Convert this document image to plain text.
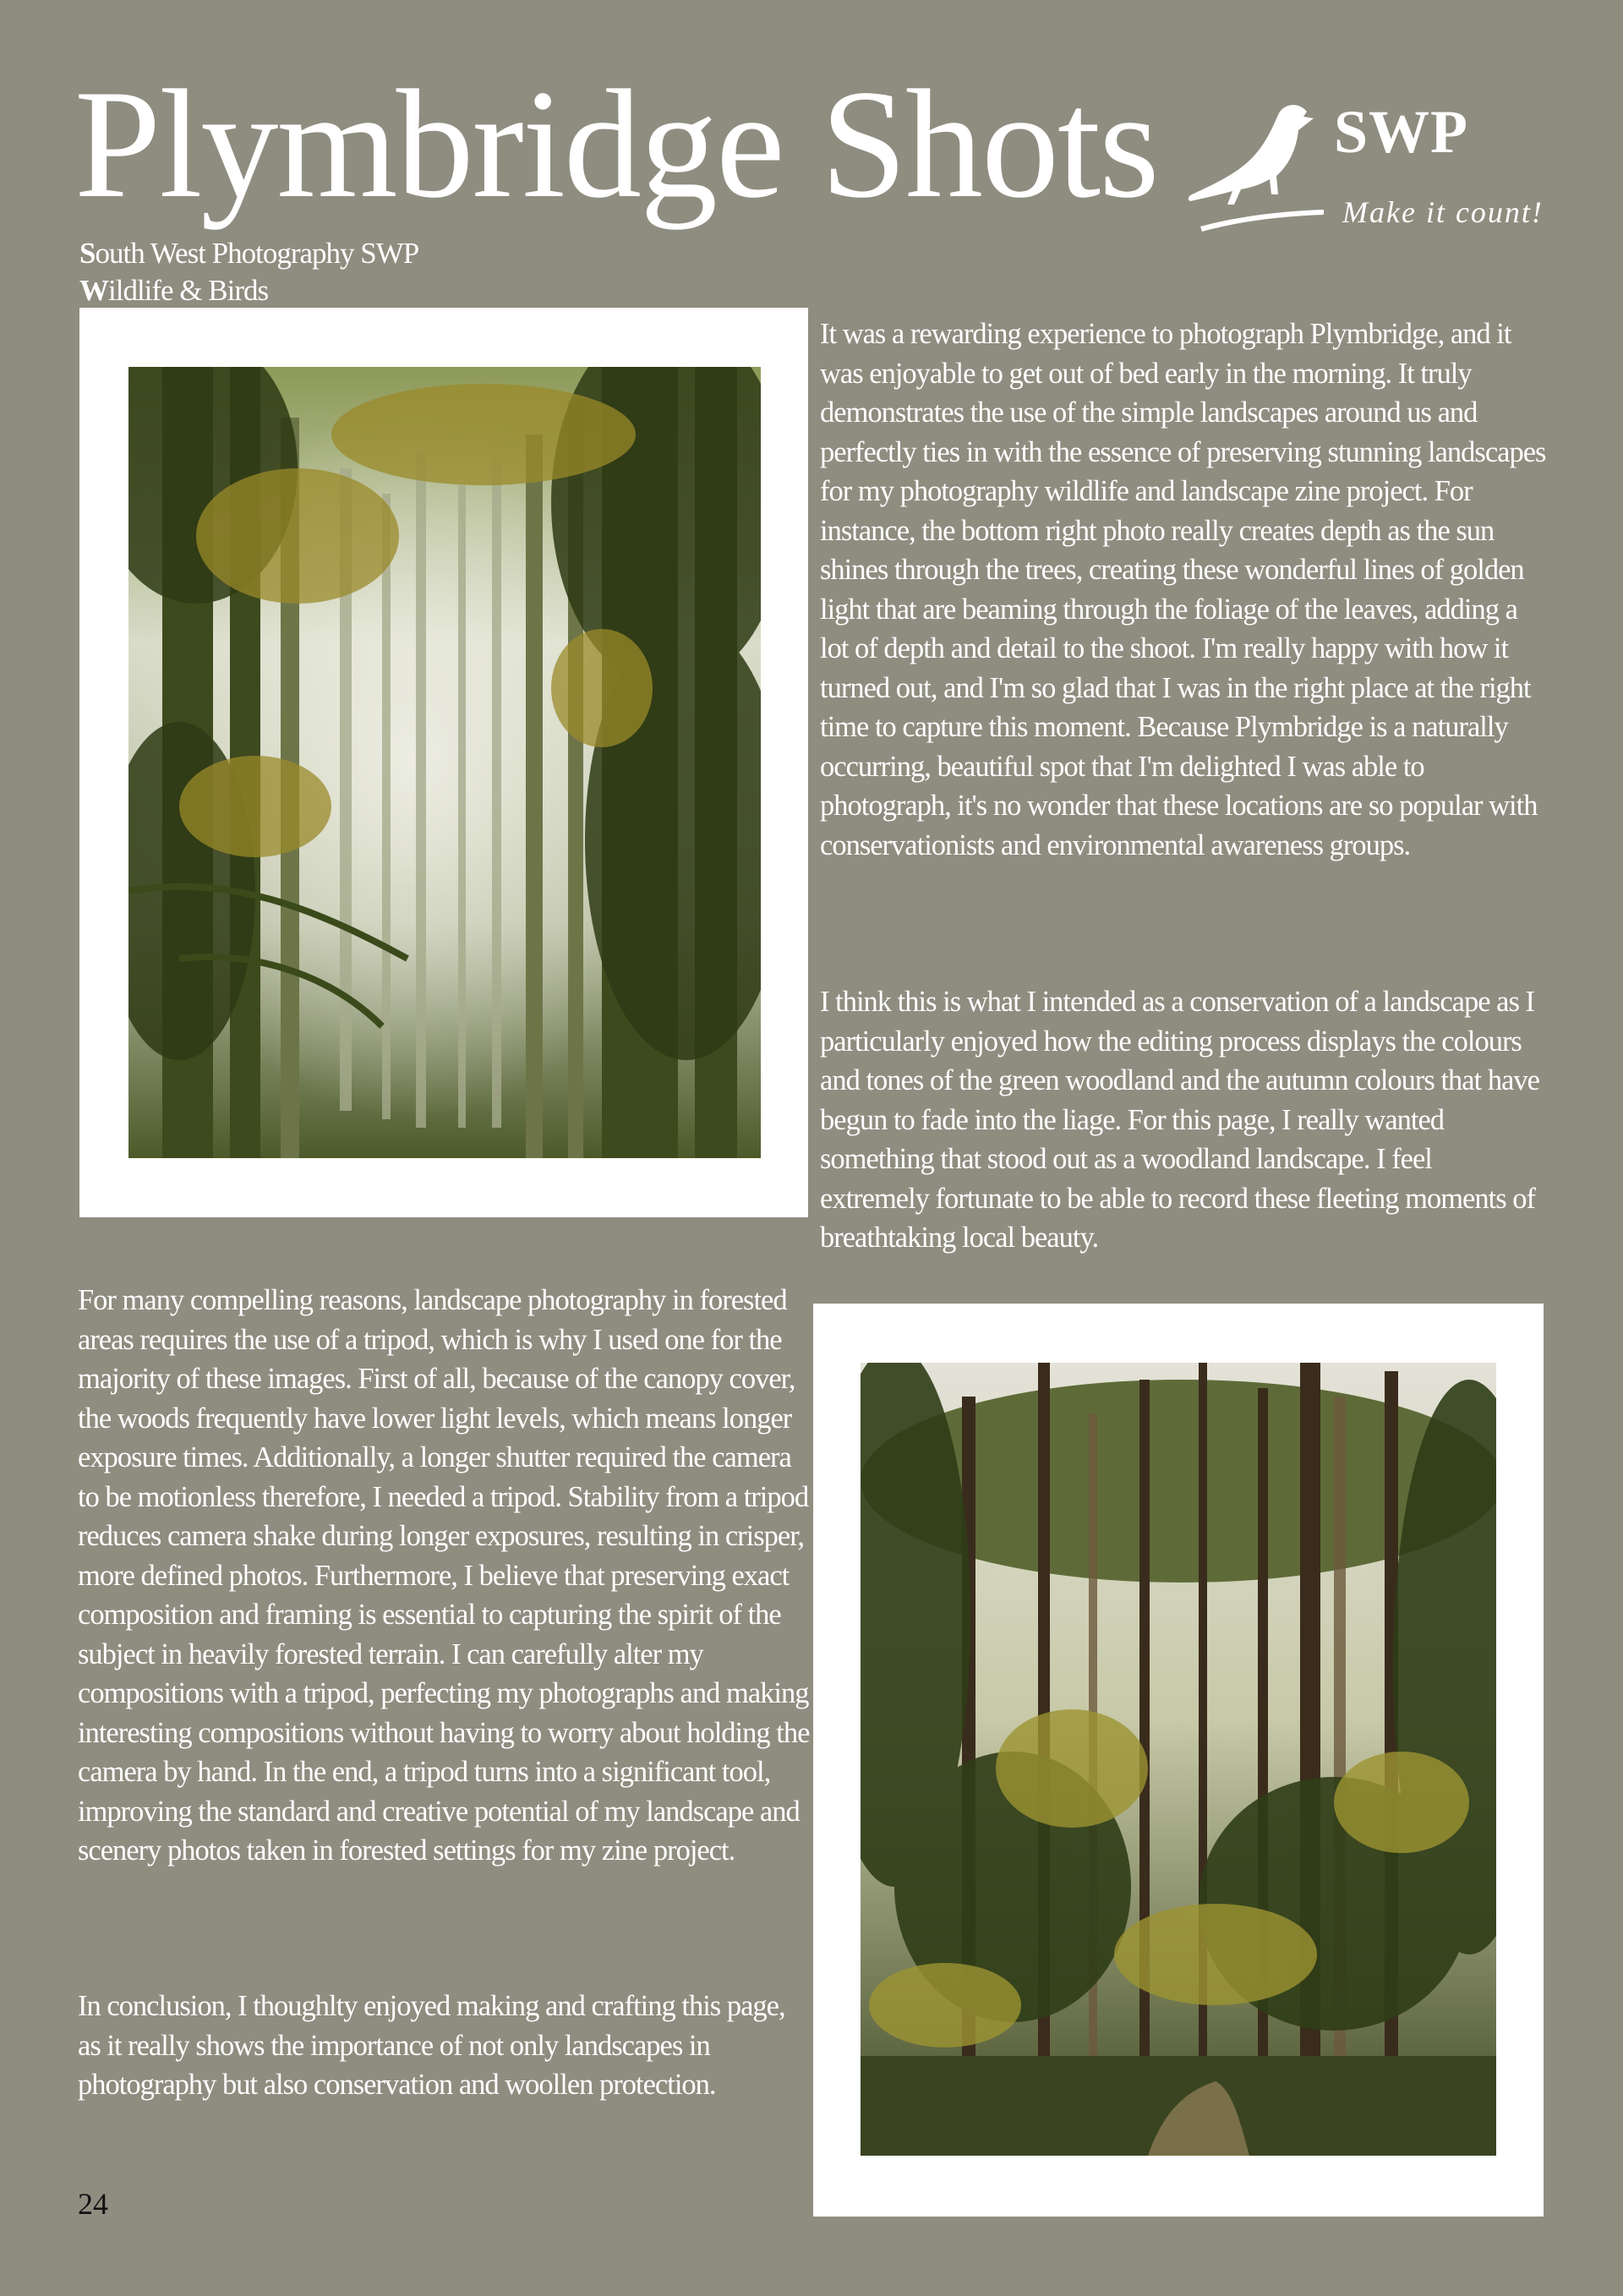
Plymbridge Shots
South West Photography SWP
Wildlife & Birds
SWP
Make it count!

It was a rewarding experience to photograph Plymbridge, and it was enjoyable to get out of bed early in the morning. It truly demonstrates the use of the simple landscapes around us and perfectly ties in with the essence of preserving stunning landscapes for my photography wildlife and landscape zine project. For instance, the bottom right photo really creates depth as the sun shines through the trees, creating these wonderful lines of golden light that are beaming through the foliage of the leaves, adding a lot of depth and detail to the shoot. I'm really happy with how it turned out, and I'm so glad that I was in the right place at the right time to capture this moment. Because Plymbridge is a naturally occurring, beautiful spot that I'm delighted I was able to photograph, it's no wonder that these locations are so popular with conservationists and environmental awareness groups.

I think this is what I intended as a conservation of a landscape as I particularly enjoyed how the editing process displays the colours and tones of the green woodland and the autumn colours that have begun to fade into the liage. For this page, I really wanted something that stood out as a woodland landscape. I feel extremely fortunate to be able to record these fleeting moments of breathtaking local beauty.

For many compelling reasons, landscape photography in forested areas requires the use of a tripod, which is why I used one for the majority of these images. First of all, because of the canopy cover, the woods frequently have lower light levels, which means longer exposure times. Additionally, a longer shutter required the camera to be motionless therefore, I needed a tripod. Stability from a tripod reduces camera shake during longer exposures, resulting in crisper, more defined photos. Furthermore, I believe that preserving exact composition and framing is essential to capturing the spirit of the subject in heavily forested terrain. I can carefully alter my compositions with a tripod, perfecting my photographs and making interesting compositions without having to worry about holding the camera by hand. In the end, a tripod turns into a significant tool, improving the standard and creative potential of my landscape and scenery photos taken in forested settings for my zine project.

In conclusion, I thoughlty enjoyed making and crafting this page, as it really shows the importance of not only landscapes in photography but also conservation and woollen protection.

24
